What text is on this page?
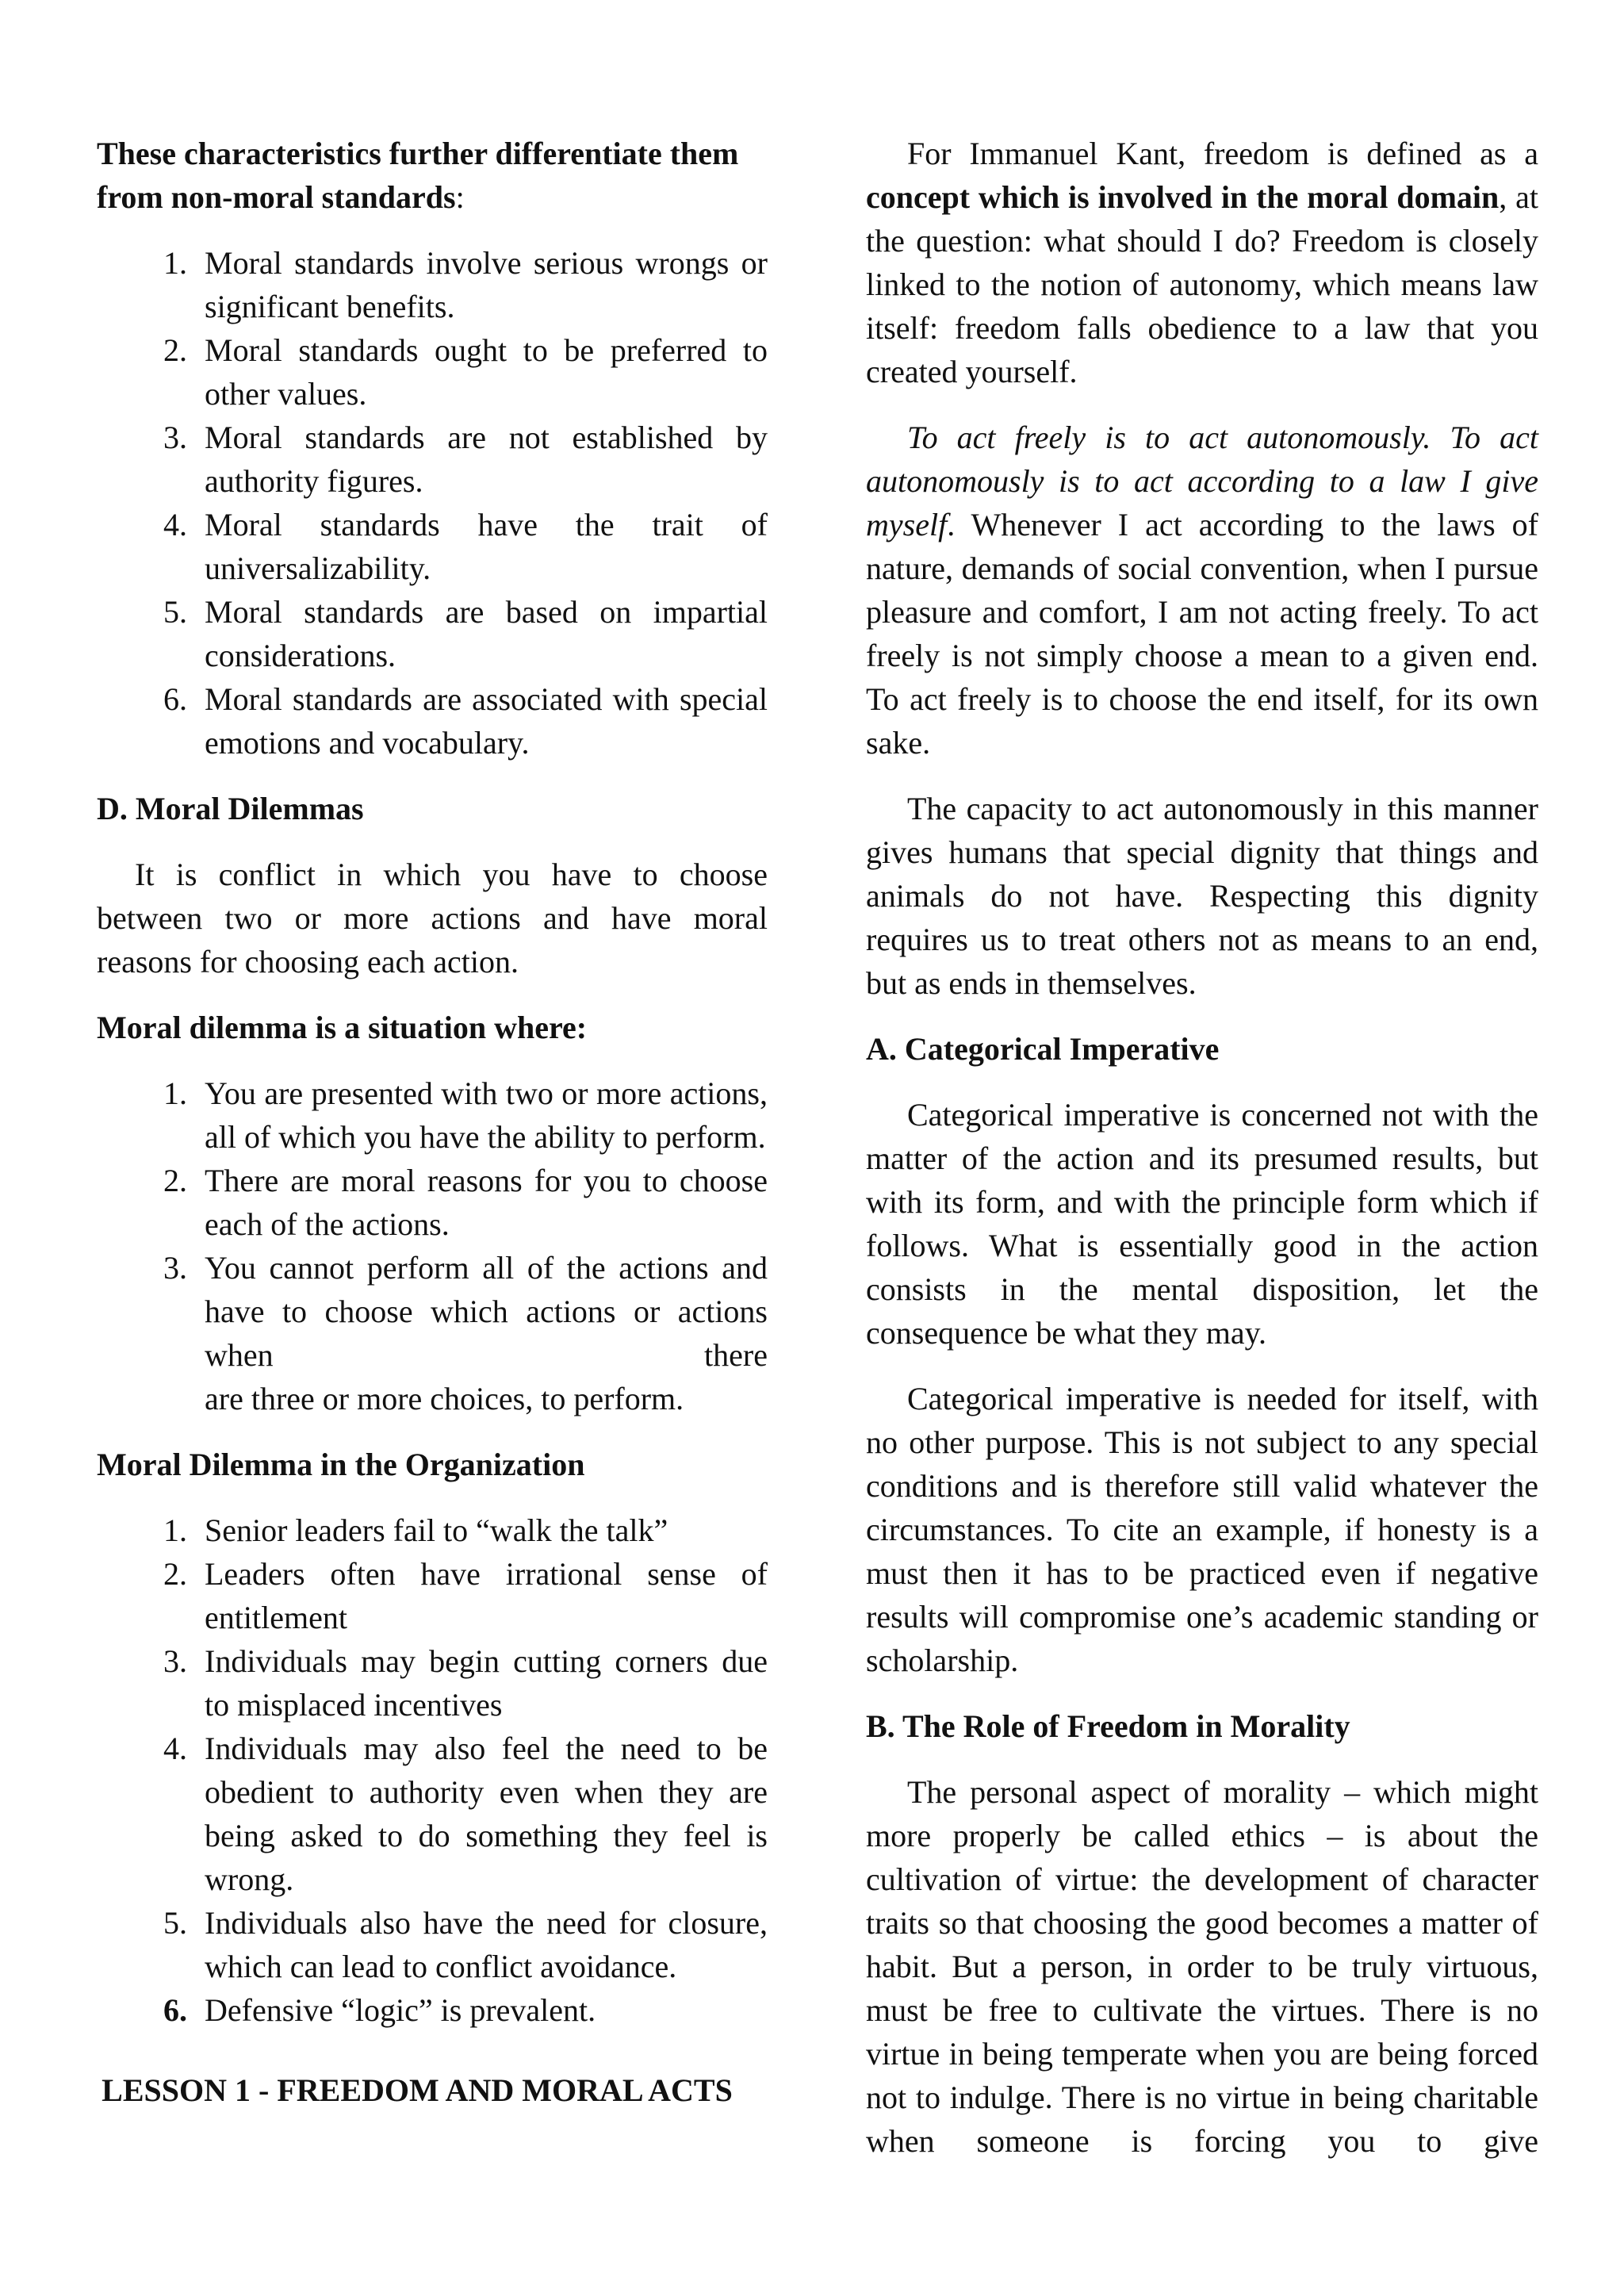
These characteristics further differentiate them from non-moral standards:

1. Moral standards involve serious wrongs or significant benefits.
2. Moral standards ought to be preferred to other values.
3. Moral standards are not established by authority figures.
4. Moral standards have the trait of universalizability.
5. Moral standards are based on impartial considerations.
6. Moral standards are associated with special emotions and vocabulary.

D. Moral Dilemmas

It is conflict in which you have to choose between two or more actions and have moral reasons for choosing each action.

Moral dilemma is a situation where:

1. You are presented with two or more actions, all of which you have the ability to perform.
2. There are moral reasons for you to choose each of the actions.
3. You cannot perform all of the actions and have to choose which actions or actions when there
are three or more choices, to perform.

Moral Dilemma in the Organization

1. Senior leaders fail to “walk the talk”
2. Leaders often have irrational sense of entitlement
3. Individuals may begin cutting corners due to misplaced incentives
4. Individuals may also feel the need to be obedient to authority even when they are being asked to do something they feel is wrong.
5. Individuals also have the need for closure, which can lead to conflict avoidance.
6. Defensive “logic” is prevalent.

LESSON 1 - FREEDOM AND MORAL ACTS

For Immanuel Kant, freedom is defined as a concept which is involved in the moral domain, at the question: what should I do? Freedom is closely linked to the notion of autonomy, which means law itself: freedom falls obedience to a law that you created yourself.

To act freely is to act autonomously. To act autonomously is to act according to a law I give myself. Whenever I act according to the laws of nature, demands of social convention, when I pursue pleasure and comfort, I am not acting freely. To act freely is not simply choose a mean to a given end. To act freely is to choose the end itself, for its own sake.

The capacity to act autonomously in this manner gives humans that special dignity that things and animals do not have. Respecting this dignity requires us to treat others not as means to an end, but as ends in themselves.

A. Categorical Imperative

Categorical imperative is concerned not with the matter of the action and its presumed results, but with its form, and with the principle form which if follows. What is essentially good in the action consists in the mental disposition, let the consequence be what they may.

Categorical imperative is needed for itself, with no other purpose. This is not subject to any special conditions and is therefore still valid whatever the circumstances. To cite an example, if honesty is a must then it has to be practiced even if negative results will compromise one’s academic standing or scholarship.

B. The Role of Freedom in Morality

The personal aspect of morality – which might more properly be called ethics – is about the cultivation of virtue: the development of character traits so that choosing the good becomes a matter of habit. But a person, in order to be truly virtuous, must be free to cultivate the virtues. There is no virtue in being temperate when you are being forced not to indulge. There is no virtue in being charitable when someone is forcing you to give
